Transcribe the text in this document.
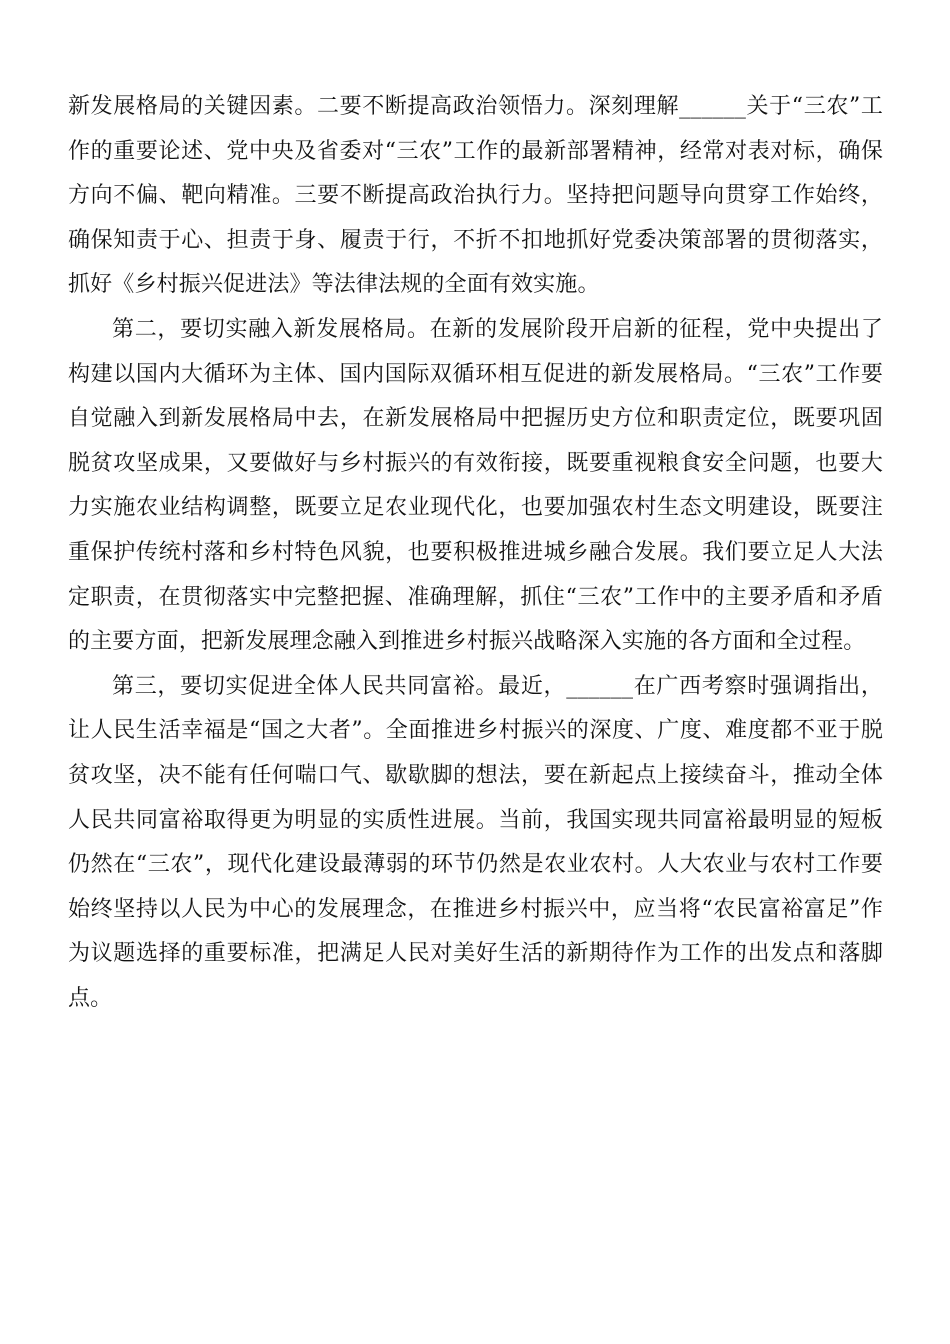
新发展格局的关键因素。二要不断提高政治领悟力。深刻理解______关于“三农”工作的重要论述、党中央及省委对“三农”工作的最新部署精神，经常对表对标，确保方向不偏、靶向精准。三要不断提高政治执行力。坚持把问题导向贯穿工作始终，确保知责于心、担责于身、履责于行，不折不扣地抓好党委决策部署的贯彻落实，抓好《乡村振兴促进法》等法律法规的全面有效实施。

第二，要切实融入新发展格局。在新的发展阶段开启新的征程，党中央提出了构建以国内大循环为主体、国内国际双循环相互促进的新发展格局。“三农”工作要自觉融入到新发展格局中去，在新发展格局中把握历史方位和职责定位，既要巩固脱贫攻坚成果，又要做好与乡村振兴的有效衔接，既要重视粮食安全问题，也要大力实施农业结构调整，既要立足农业现代化，也要加强农村生态文明建设，既要注重保护传统村落和乡村特色风貌，也要积极推进城乡融合发展。我们要立足人大法定职责，在贯彻落实中完整把握、准确理解，抓住“三农”工作中的主要矛盾和矛盾的主要方面，把新发展理念融入到推进乡村振兴战略深入实施的各方面和全过程。

第三，要切实促进全体人民共同富裕。最近，______在广西考察时强调指出，让人民生活幸福是“国之大者”。全面推进乡村振兴的深度、广度、难度都不亚于脱贫攻坚，决不能有任何喘口气、歇歇脚的想法，要在新起点上接续奋斗，推动全体人民共同富裕取得更为明显的实质性进展。当前，我国实现共同富裕最明显的短板仍然在“三农”，现代化建设最薄弱的环节仍然是农业农村。人大农业与农村工作要始终坚持以人民为中心的发展理念，在推进乡村振兴中，应当将“农民富裕富足”作为议题选择的重要标准，把满足人民对美好生活的新期待作为工作的出发点和落脚点。
